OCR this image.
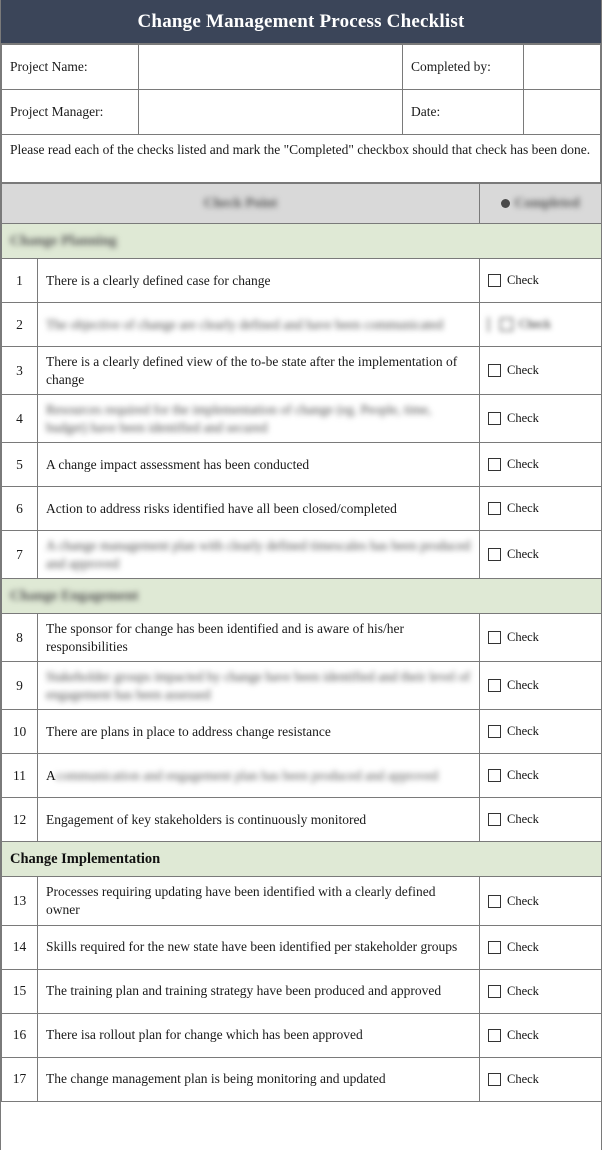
Change Management Process Checklist
Project Name:		Completed by:	
Project Manager:		Date:	
Please read each of the checks listed and mark the "Completed" checkbox should that check has been done.
Check Point		Completed

Change Planning		
1	There is a clearly defined case for change	Check

2	The objective of change are clearly defined and have been communicated	Check

3	There is a clearly defined view of the to-be state after the implementation of change	Check

4	Resources required for the implementation of change (eg. People, time, budget) have been identified and secured	Check

5	A change impact assessment has been conducted	Check

6	Action to address risks identified have all been closed/completed	Check

7	A change management plan with clearly defined timescales has been produced and approved	Check

Change Engagement		
8	The sponsor for change has been identified and is aware of his/her responsibilities	Check

9	Stakeholder groups impacted by change have been identified and their level of engagement has been assessed	Check

10	There are plans in place to address change resistance	Check

11	Acommunication and engagement plan has been produced and approved	Check

12	Engagement of key stakeholders is continuously monitored	Check

Change Implementation		
13	Processes requiring updating have been identified with a clearly defined owner	Check

14	Skills required for the new state have been identified per stakeholder groups	Check

15	The training plan and training strategy have been produced and approved	Check

16	There isa rollout plan for change which has been approved	Check

17	The change management plan is being monitoring and updated	Check
